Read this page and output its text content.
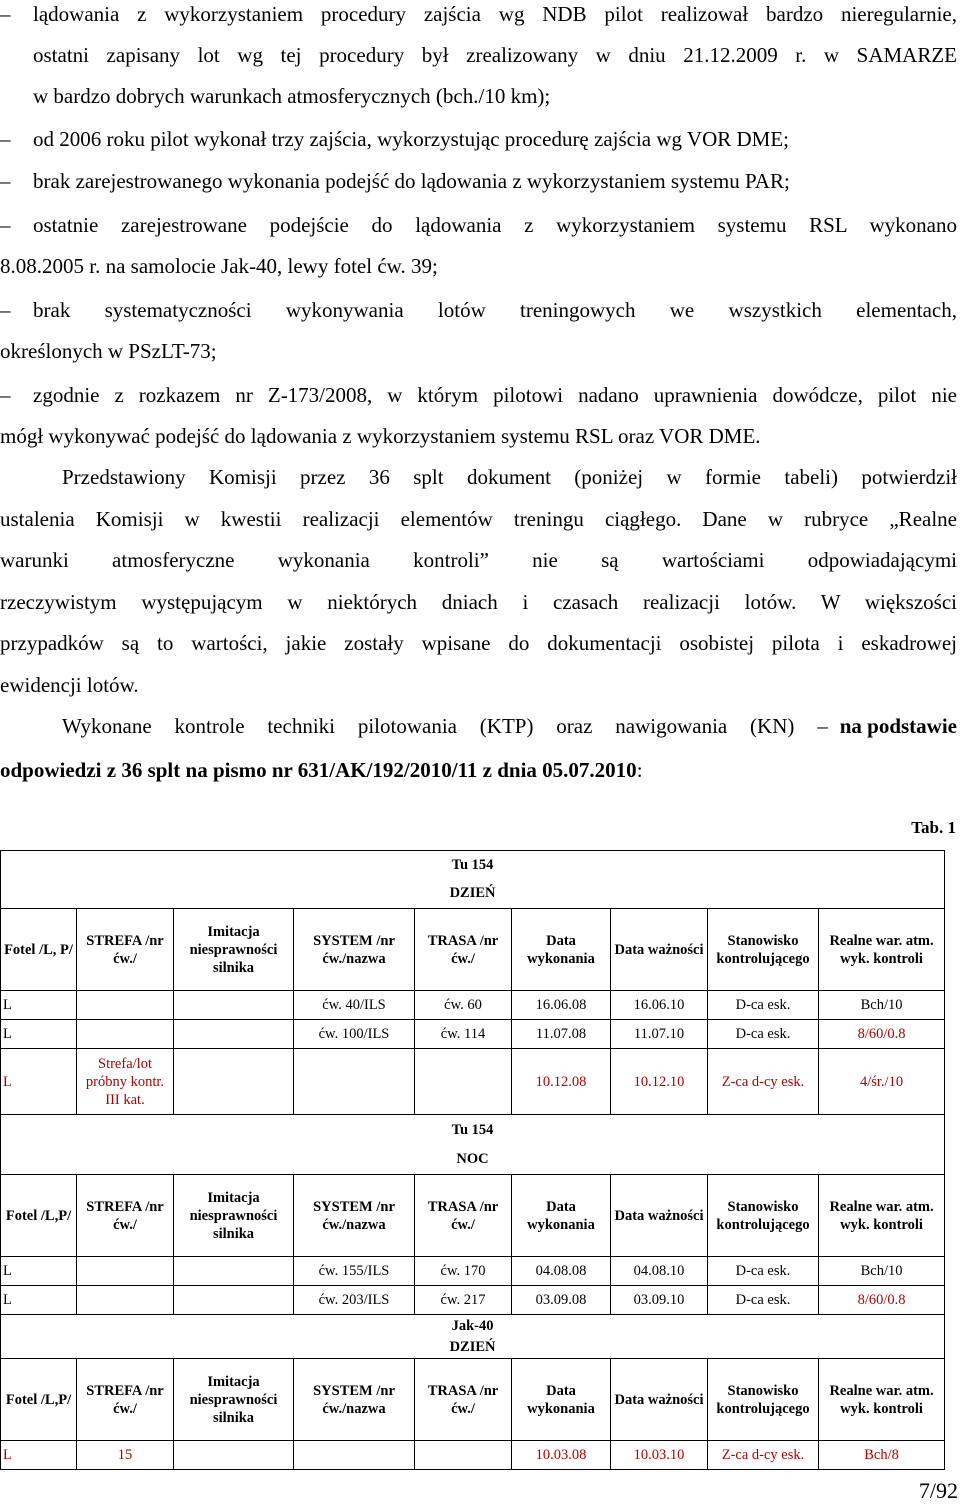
– lądowania z wykorzystaniem procedury zajścia wg NDB pilot realizował bardzo nieregularnie,
ostatni zapisany lot wg tej procedury był zrealizowany w dniu 21.12.2009 r. w SAMARZE
w bardzo dobrych warunkach atmosferycznych (bch./10 km);
– od 2006 roku pilot wykonał trzy zajścia, wykorzystując procedurę zajścia wg VOR DME;
– brak zarejestrowanego wykonania podejść do lądowania z wykorzystaniem systemu PAR;
– ostatnie zarejestrowane podejście do lądowania z wykorzystaniem systemu RSL wykonano
8.08.2005 r. na samolocie Jak-40, lewy fotel ćw. 39;
– brak systematyczności wykonywania lotów treningowych we wszystkich elementach,
określonych w PSzLT-73;
– zgodnie z rozkazem nr Z-173/2008, w którym pilotowi nadano uprawnienia dowódcze, pilot nie
mógł wykonywać podejść do lądowania z wykorzystaniem systemu RSL oraz VOR DME.
Przedstawiony Komisji przez 36 splt dokument (poniżej w formie tabeli) potwierdził
ustalenia Komisji w kwestii realizacji elementów treningu ciągłego. Dane w rubryce „Realne
warunki atmosferyczne wykonania kontroli” nie są wartościami odpowiadającymi
rzeczywistym występującym w niektórych dniach i czasach realizacji lotów. W większości
przypadków są to wartości, jakie zostały wpisane do dokumentacji osobistej pilota i eskadrowej
ewidencji lotów.
Wykonane kontrole techniki pilotowania (KTP) oraz nawigowania (KN) – na podstawie
odpowiedzi z 36 splt na pismo nr 631/AK/192/2010/11 z dnia 05.07.2010:
Tab. 1
Tu 154								
DZIEŃ								
Fotel /L, P/	STREFA /nr ćw./	Imitacja niesprawności silnika	SYSTEM /nr ćw./nazwa	TRASA /nr ćw./	Data wykonania	Data ważności	Stanowisko kontrolującego	Realne war. atm. wyk. kontroli
L			ćw. 40/ILS	ćw. 60	16.06.08	16.06.10	D-ca esk.	Bch/10
L			ćw. 100/ILS	ćw. 114	11.07.08	11.07.10	D-ca esk.	8/60/0.8
L	Strefa/lot próbny kontr. III kat.				10.12.08	10.12.10	Z-ca d-cy esk.	4/śr./10
Tu 154								
NOC								
Fotel /L,P/	STREFA /nr ćw./	Imitacja niesprawności silnika	SYSTEM /nr ćw./nazwa	TRASA /nr ćw./	Data wykonania	Data ważności	Stanowisko kontrolującego	Realne war. atm. wyk. kontroli
L			ćw. 155/ILS	ćw. 170	04.08.08	04.08.10	D-ca esk.	Bch/10
L			ćw. 203/ILS	ćw. 217	03.09.08	03.09.10	D-ca esk.	8/60/0.8
Jak-40								
DZIEŃ								
Fotel /L,P/	STREFA /nr ćw./	Imitacja niesprawności silnika	SYSTEM /nr ćw./nazwa	TRASA /nr ćw./	Data wykonania	Data ważności	Stanowisko kontrolującego	Realne war. atm. wyk. kontroli
L	15				10.03.08	10.03.10	Z-ca d-cy esk.	Bch/8
7/92
